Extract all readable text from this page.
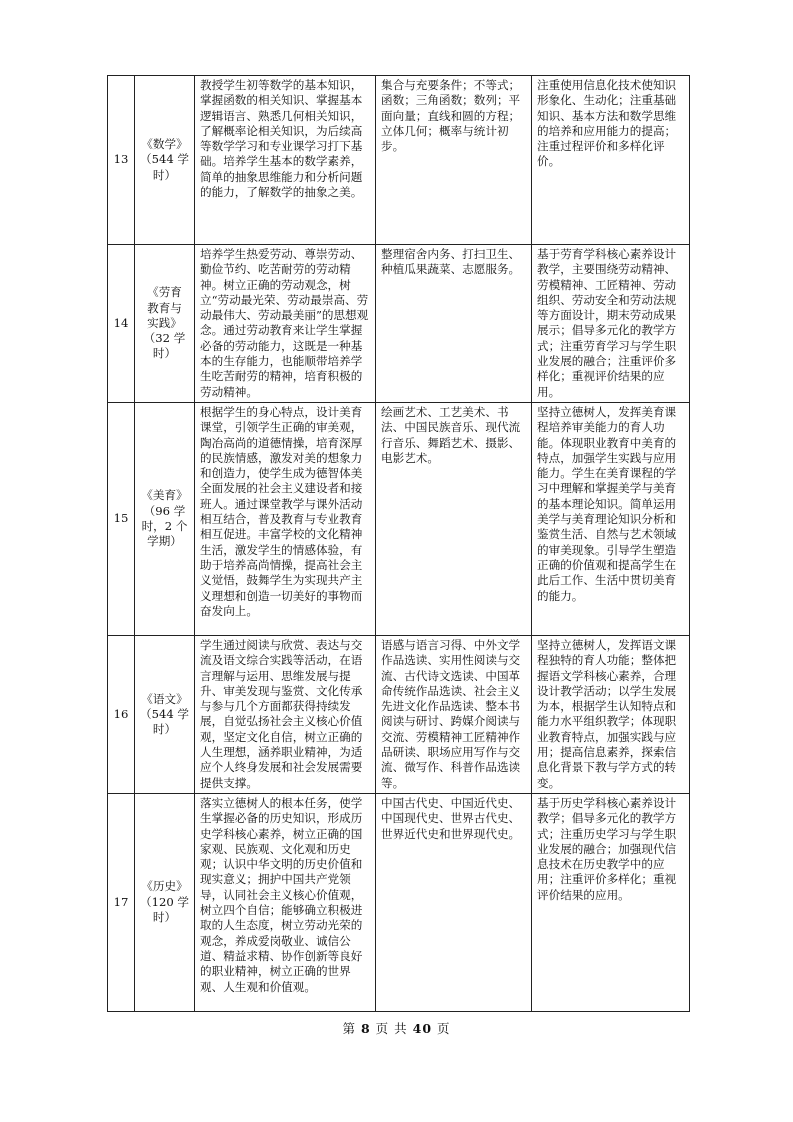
13	《数学》
（544 学
时）	教授学生初等数学的基本知识，掌握函数的相关知识、掌握基本逻辑语言、熟悉几何相关知识，了解概率论相关知识，为后续高等数学学习和专业课学习打下基础。培养学生基本的数学素养，简单的抽象思维能力和分析问题的能力，了解数学的抽象之美。	集合与充要条件；不等式；函数；三角函数；数列；平面向量；直线和圆的方程；立体几何；概率与统计初步。	注重使用信息化技术使知识形象化、生动化；注重基础知识、基本方法和数学思维的培养和应用能力的提高；注重过程评价和多样化评价。
14	《劳育
教育与
实践》
（32 学
时）	培养学生热爱劳动、尊崇劳动、勤俭节约、吃苦耐劳的劳动精神。树立正确的劳动观念，树立“劳动最光荣、劳动最崇高、劳动最伟大、劳动最美丽”的思想观念。通过劳动教育来让学生掌握必备的劳动能力，这既是一种基本的生存能力，也能顺带培养学生吃苦耐劳的精神，培育积极的劳动精神。	整理宿舍内务、打扫卫生、种植瓜果蔬菜、志愿服务。	基于劳育学科核心素养设计教学，主要围绕劳动精神、劳模精神、工匠精神、劳动组织、劳动安全和劳动法规等方面设计，期末劳动成果展示；倡导多元化的教学方式；注重劳育学习与学生职业发展的融合；注重评价多样化；重视评价结果的应用。
15	《美育》
（96 学
时，2 个
学期）	根据学生的身心特点，设计美育课堂，引领学生正确的审美观，陶冶高尚的道德情操，培育深厚的民族情感，激发对美的想象力和创造力，使学生成为德智体美全面发展的社会主义建设者和接班人。通过课堂教学与课外活动相互结合，普及教育与专业教育相互促进。丰富学校的文化精神生活，激发学生的情感体验，有助于培养高尚情操，提高社会主义觉悟，鼓舞学生为实现共产主义理想和创造一切美好的事物而奋发向上。	绘画艺术、工艺美术、书法、中国民族音乐、现代流行音乐、舞蹈艺术、摄影、电影艺术。	坚持立德树人，发挥美育课程培养审美能力的育人功能。体现职业教育中美育的特点，加强学生实践与应用能力。学生在美育课程的学习中理解和掌握美学与美育的基本理论知识。简单运用美学与美育理论知识分析和鉴赏生活、自然与艺术领域的审美现象。引导学生塑造正确的价值观和提高学生在此后工作、生活中贯切美育的能力。
16	《语文》
（544 学
时）	学生通过阅读与欣赏、表达与交流及语文综合实践等活动，在语言理解与运用、思维发展与提升、审美发现与鉴赏、文化传承与参与几个方面都获得持续发展，自觉弘扬社会主义核心价值观，坚定文化自信，树立正确的人生理想，涵养职业精神，为适应个人终身发展和社会发展需要提供支撑。	语感与语言习得、中外文学作品选读、实用性阅读与交流、古代诗文选读、中国革命传统作品选读、社会主义先进文化作品选读、整本书阅读与研讨、跨媒介阅读与交流、劳模精神工匠精神作品研读、职场应用写作与交流、微写作、科普作品选读等。	坚持立德树人，发挥语文课程独特的育人功能；整体把握语文学科核心素养，合理设计教学活动；以学生发展为本，根据学生认知特点和能力水平组织教学；体现职业教育特点，加强实践与应用；提高信息素养，探索信息化背景下教与学方式的转变。
17	《历史》
（120 学
时）	落实立德树人的根本任务，使学生掌握必备的历史知识，形成历史学科核心素养，树立正确的国家观、民族观、文化观和历史观；认识中华文明的历史价值和现实意义；拥护中国共产党领导，认同社会主义核心价值观，树立四个自信；能够确立积极进取的人生态度，树立劳动光荣的观念，养成爱岗敬业、诚信公道、精益求精、协作创新等良好的职业精神，树立正确的世界观、人生观和价值观。	中国古代史、中国近代史、中国现代史、世界古代史、世界近代史和世界现代史。	基于历史学科核心素养设计教学；倡导多元化的教学方式；注重历史学习与学生职业发展的融合；加强现代信息技术在历史教学中的应用；注重评价多样化；重视评价结果的应用。
第 8 页 共 40 页
